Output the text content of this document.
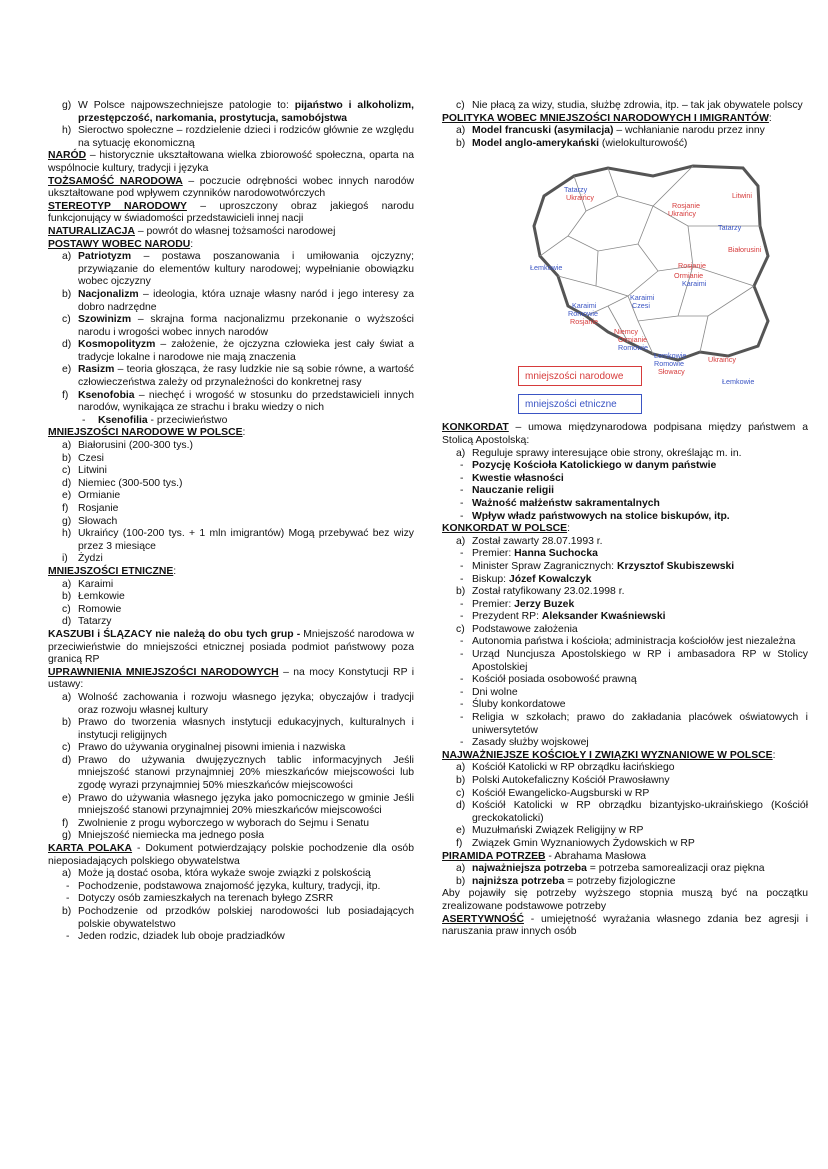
g) W Polsce najpowszechniejsze patologie to: pijaństwo i alkoholizm, przestępczość, narkomania, prostytucja, samobójstwa
h) Sieroctwo społeczne – rozdzielenie dzieci i rodziców głównie ze względu na sytuację ekonomiczną

NARÓD – historycznie ukształtowana wielka zbiorowość społeczna, oparta na wspólnocie kultury, tradycji i języka

TOŻSAMOŚĆ NARODOWA – poczucie odrębności wobec innych narodów ukształtowane pod wpływem czynników narodowotwórczych

STEREOTYP NARODOWY – uproszczony obraz jakiegoś narodu funkcjonujący w świadomości przedstawicieli innej nacji

NATURALIZACJA – powrót do własnej tożsamości narodowej

POSTAWY WOBEC NARODU:

a) Patriotyzm – postawa poszanowania i umiłowania ojczyzny; przywiązanie do elementów kultury narodowej; wypełnianie obowiązku wobec ojczyzny
b) Nacjonalizm – ideologia, która uznaje własny naród i jego interesy za dobro nadrzędne
c) Szowinizm – skrajna forma nacjonalizmu przekonanie o wyższości narodu i wrogości wobec innych narodów
d) Kosmopolityzm – założenie, że ojczyzna człowieka jest cały świat a tradycje lokalne i narodowe nie mają znaczenia
e) Rasizm – teoria głosząca, że rasy ludzkie nie są sobie równe, a wartość człowieczeństwa zależy od przynależności do konkretnej rasy
f) Ksenofobia – niechęć i wrogość w stosunku do przedstawicieli innych narodów, wynikająca ze strachu i braku wiedzy o nich
-	Ksenofilia - przeciwieństwo

MNIEJSZOŚCI NARODOWE W POLSCE:

a) Białorusini (200-300 tys.)
b) Czesi
c) Litwini
d) Niemiec (300-500 tys.)
e) Ormianie
f) Rosjanie
g) Słowach
h) Ukraińcy (100-200 tys. + 1 mln imigrantów) Mogą przebywać bez wizy przez 3 miesiące
i) Żydzi

MNIEJSZOŚCI ETNICZNE:

a) Karaimi
b) Łemkowie
c) Romowie
d) Tatarzy

KASZUBI i ŚLĄZACY nie należą do obu tych grup - Mniejszość narodowa w przeciwieństwie do mniejszości etnicznej posiada podmiot państwowy poza granicą RP

UPRAWNIENIA MNIEJSZOŚCI NARODOWYCH – na mocy Konstytucji RP i ustawy:

a) Wolność zachowania i rozwoju własnego języka; obyczajów i tradycji oraz rozwoju własnej kultury
b) Prawo do tworzenia własnych instytucji edukacyjnych, kulturalnych i instytucji religijnych
c) Prawo do używania oryginalnej pisowni imienia i nazwiska
d) Prawo do używania dwujęzycznych tablic informacyjnych Jeśli mniejszość stanowi przynajmniej 20% mieszkańców miejscowości lub zgodę wyrazi przynajmniej 50% mieszkańców miejscowości
e) Prawo do używania własnego języka jako pomocniczego w gminie Jeśli mniejszość stanowi przynajmniej 20% mieszkańców miejscowości
f) Zwolnienie z progu wyborczego w wyborach do Sejmu i Senatu
g) Mniejszość niemiecka ma jednego posła

KARTA POLAKA - Dokument potwierdzający polskie pochodzenie dla osób nieposiadających polskiego obywatelstwa

a) Może ją dostać osoba, która wykaże swoje związki z polskością
- Pochodzenie, podstawowa znajomość języka, kultury, tradycji, itp.
- Dotyczy osób zamieszkałych na terenach byłego ZSRR
b) Pochodzenie od przodków polskiej narodowości lub posiadających polskie obywatelstwo
- Jeden rodzic, dziadek lub oboje pradziadków
c) Nie płacą za wizy, studia, służbę zdrowia, itp. – tak jak obywatele polscy

POLITYKA WOBEC MNIEJSZOŚCI NARODOWYCH I IMIGRANTÓW:

a) Model francuski (asymilacja) – wchłanianie narodu przez inny
b) Model anglo-amerykański (wielokulturowość)
Tatarzy
Ukraińcy	Litwini
Rosjanie
Ukraińcy
Tatarzy
Białorusini
Łemkowie	Rosjanie
Ormianie
Karaimi
Karaimi
Czesi
Karaimi
Romowie
Rosjanie
Niemcy
Ormianie
Romowie
Łemkowie
Romowie
Słowacy
Ukraińcy
Łemkowie
mniejszości narodowe
mniejszości etniczne

KONKORDAT – umowa międzynarodowa podpisana między państwem a Stolicą Apostolską:

a) Reguluje sprawy interesujące obie strony, określając m. in.
- Pozycję Kościoła Katolickiego w danym państwie
- Kwestie własności
- Nauczanie religii
- Ważność małżeństw sakramentalnych
- Wpływ władz państwowych na stolice biskupów, itp.

KONKORDAT W POLSCE:

a) Został zawarty 28.07.1993 r.
- Premier: Hanna Suchocka
- Minister Spraw Zagranicznych: Krzysztof Skubiszewski
- Biskup: Józef Kowalczyk
b) Został ratyfikowany 23.02.1998 r.
- Premier: Jerzy Buzek
- Prezydent RP: Aleksander Kwaśniewski
c) Podstawowe założenia
- Autonomia państwa i kościoła; administracja kościołów jest niezależna
- Urząd Nuncjusza Apostolskiego w RP i ambasadora RP w Stolicy Apostolskiej
- Kościół posiada osobowość prawną
- Dni wolne
- Śluby konkordatowe
- Religia w szkołach; prawo do zakładania placówek oświatowych i uniwersytetów
- Zasady służby wojskowej

NAJWAŻNIEJSZE KOŚCIOŁY I ZWIĄZKI WYZNANIOWE W POLSCE:

a) Kościół Katolicki w RP obrządku łacińskiego
b) Polski Autokefaliczny Kościół Prawosławny
c) Kościół Ewangelicko-Augsburski w RP
d) Kościół Katolicki w RP obrządku bizantyjsko-ukraińskiego (Kościół greckokatolicki)
e) Muzułmański Związek Religijny w RP
f) Związek Gmin Wyznaniowych Żydowskich w RP

PIRAMIDA POTRZEB - Abrahama Masłowa

a) najważniejsza potrzeba = potrzeba samorealizacji oraz piękna
b) najniższa potrzeba = potrzeby fizjologiczne

Aby pojawiły się potrzeby wyższego stopnia muszą być na początku zrealizowane podstawowe potrzeby

ASERTYWNOŚĆ - umiejętność wyrażania własnego zdania bez agresji i naruszania praw innych osób
